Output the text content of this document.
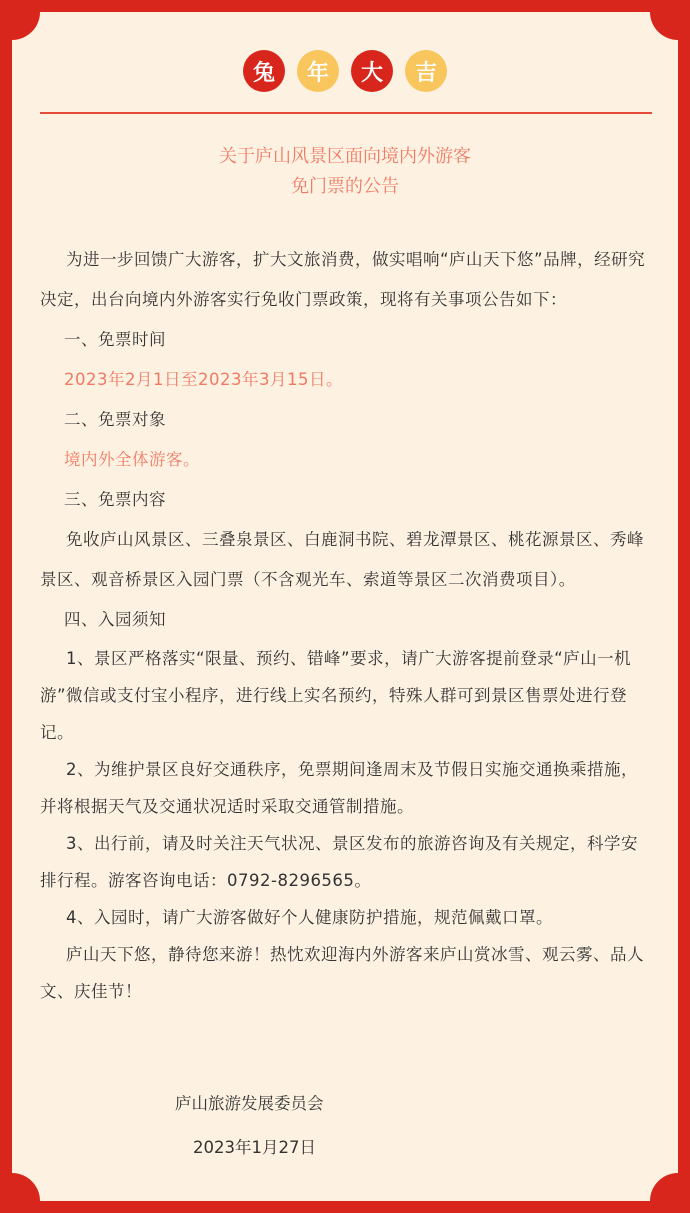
兔	年	大	吉
关于庐山风景区面向境内外游客
免门票的公告

为进一步回馈广大游客，扩大文旅消费，做实唱响“庐山天下悠”品牌，经研究决定，出台向境内外游客实行免收门票政策，现将有关事项公告如下：

一、免票时间

2023年2月1日至2023年3月15日。

二、免票对象

境内外全体游客。

三、免票内容

免收庐山风景区、三叠泉景区、白鹿洞书院、碧龙潭景区、桃花源景区、秀峰景区、观音桥景区入园门票（不含观光车、索道等景区二次消费项目）。

四、入园须知

1、景区严格落实“限量、预约、错峰”要求，请广大游客提前登录“庐山一机游”微信或支付宝小程序，进行线上实名预约，特殊人群可到景区售票处进行登记。

2、为维护景区良好交通秩序，免票期间逢周末及节假日实施交通换乘措施，并将根据天气及交通状况适时采取交通管制措施。

3、出行前，请及时关注天气状况、景区发布的旅游咨询及有关规定，科学安排行程。游客咨询电话：0792-8296565。

4、入园时，请广大游客做好个人健康防护措施，规范佩戴口罩。

庐山天下悠，静待您来游！热忱欢迎海内外游客来庐山赏冰雪、观云雾、品人文、庆佳节！

庐山旅游发展委员会
2023年1月27日
